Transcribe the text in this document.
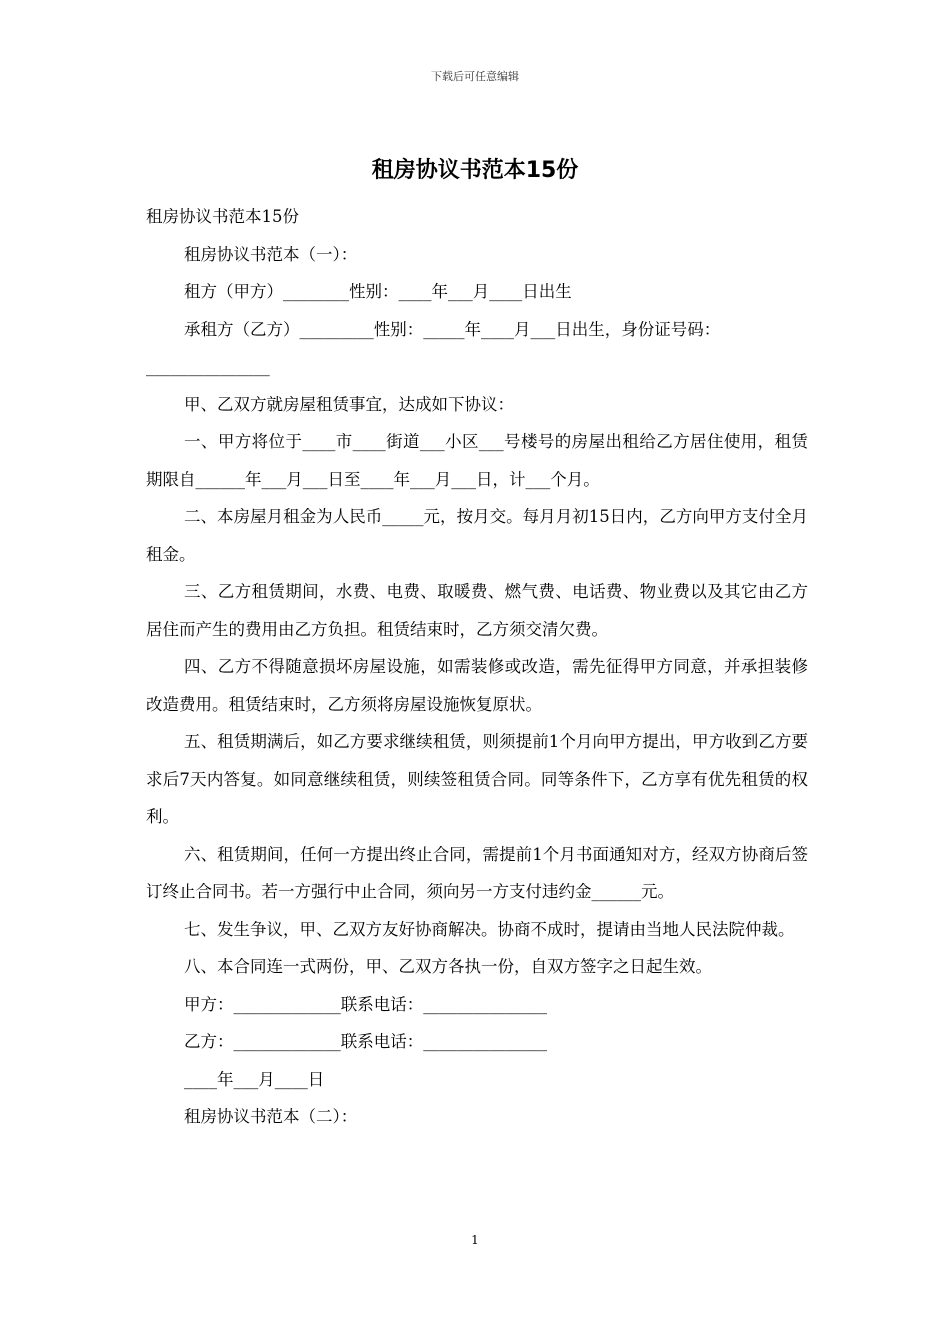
下载后可任意编辑
租房协议书范本15份

租房协议书范本15份

租房协议书范本（一）：

租方（甲方）________性别：____年___月____日出生

承租方（乙方）_________性别：_____年____月___日出生，身份证号码：

_______________

甲、乙双方就房屋租赁事宜，达成如下协议：

一、甲方将位于____市____街道___小区___号楼号的房屋出租给乙方居住使用，租赁期限自______年___月___日至____年___月___日，计___个月。

二、本房屋月租金为人民币_____元，按月交。每月月初15日内，乙方向甲方支付全月租金。

三、乙方租赁期间，水费、电费、取暖费、燃气费、电话费、物业费以及其它由乙方居住而产生的费用由乙方负担。租赁结束时，乙方须交清欠费。

四、乙方不得随意损坏房屋设施，如需装修或改造，需先征得甲方同意，并承担装修改造费用。租赁结束时，乙方须将房屋设施恢复原状。

五、租赁期满后，如乙方要求继续租赁，则须提前1个月向甲方提出，甲方收到乙方要求后7天内答复。如同意继续租赁，则续签租赁合同。同等条件下，乙方享有优先租赁的权利。

六、租赁期间，任何一方提出终止合同，需提前1个月书面通知对方，经双方协商后签订终止合同书。若一方强行中止合同，须向另一方支付违约金______元。

七、发生争议，甲、乙双方友好协商解决。协商不成时，提请由当地人民法院仲裁。

八、本合同连一式两份，甲、乙双方各执一份，自双方签字之日起生效。

甲方：_____________联系电话：_______________

乙方：_____________联系电话：_______________

____年___月____日

租房协议书范本（二）：

1
